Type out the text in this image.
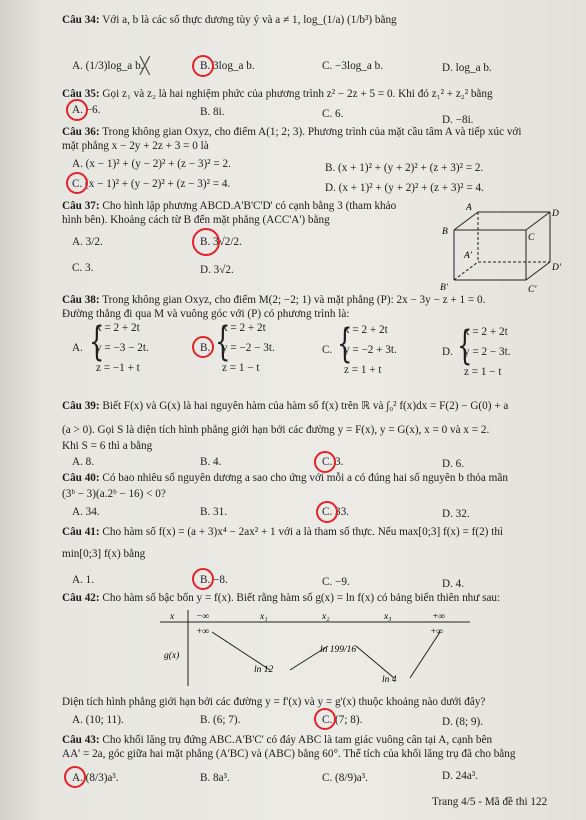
Câu 34: Với a, b là các số thực dương tùy ý và a ≠ 1, log_(1/a) (1/b³) bằng
A. (1/3)log_a b.
╳	B. 3log_a b.	C. −3log_a b.	D. log_a b.
Câu 35: Gọi z₁ và z₂ là hai nghiệm phức của phương trình z² − 2z + 5 = 0. Khi đó z₁² + z₂² bằng
A. −6.	B. 8i.	C. 6.	D. −8i.
Câu 36: Trong không gian Oxyz, cho điểm A(1; 2; 3). Phương trình của mặt cầu tâm A và tiếp xúc với
mặt phẳng x − 2y + 2z + 3 = 0 là
A. (x − 1)² + (y − 2)² + (z − 3)² = 2.	B. (x + 1)² + (y + 2)² + (z + 3)² = 2.
C. (x − 1)² + (y − 2)² + (z − 3)² = 4.	D. (x + 1)² + (y + 2)² + (z + 3)² = 4.
Câu 37: Cho hình lập phương ABCD.A'B'C'D' có cạnh bằng 3 (tham khảo
hình bên). Khoảng cách từ B đến mặt phẳng (ACC'A') bằng
A. 3/2.	B. 3√2/2.
C. 3.	D. 3√2.
A
D
B
C
A'
D'
B'	C'
Câu 38: Trong không gian Oxyz, cho điểm M(2; −2; 1) và mặt phẳng (P): 2x − 3y − z + 1 = 0.
Đường thẳng đi qua M và vuông góc với (P) có phương trình là:
A. {
x = 2 + 2t
y = −3 − 2t.
z = −1 + t
B. {
x = 2 + 2t
y = −2 − 3t.
z = 1 − t
C. {
x = 2 + 2t
y = −2 + 3t.
z = 1 + t
D. {
x = 2 + 2t
y = 2 − 3t.
z = 1 − t
Câu 39: Biết F(x) và G(x) là hai nguyên hàm của hàm số f(x) trên ℝ và ∫₀² f(x)dx = F(2) − G(0) + a
(a > 0). Gọi S là diện tích hình phẳng giới hạn bởi các đường y = F(x), y = G(x), x = 0 và x = 2.
Khi S = 6 thì a bằng
A. 8.	B. 4.	C. 3.	D. 6.
Câu 40: Có bao nhiêu số nguyên dương a sao cho ứng với mỗi a có đúng hai số nguyên b thỏa mãn
(3ᵇ − 3)(a.2ᵇ − 16) < 0?
A. 34.	B. 31.	C. 33.	D. 32.
Câu 41: Cho hàm số f(x) = (a + 3)x⁴ − 2ax² + 1 với a là tham số thực. Nếu max[0;3] f(x) = f(2) thì
min[0;3] f(x) bằng
A. 1.	B. −8.	C. −9.	D. 4.
Câu 42: Cho hàm số bậc bốn y = f(x). Biết rằng hàm số g(x) = ln f(x) có bảng biến thiên như sau:
x −∞	x₁	x₂	x₃	+∞
g(x)
+∞
ln 12
ln 199/16
ln 4
+∞
Diện tích hình phẳng giới hạn bởi các đường y = f'(x) và y = g'(x) thuộc khoảng nào dưới đây?
A. (10; 11).	B. (6; 7).	C. (7; 8).	D. (8; 9).
Câu 43: Cho khối lăng trụ đứng ABC.A'B'C' có đáy ABC là tam giác vuông cân tại A, cạnh bên
AA' = 2a, góc giữa hai mặt phẳng (A'BC) và (ABC) bằng 60°. Thể tích của khối lăng trụ đã cho bằng
A. (8/3)a³.	B. 8a³.	C. (8/9)a³.	D. 24a³.
Trang 4/5 - Mã đề thi 122
